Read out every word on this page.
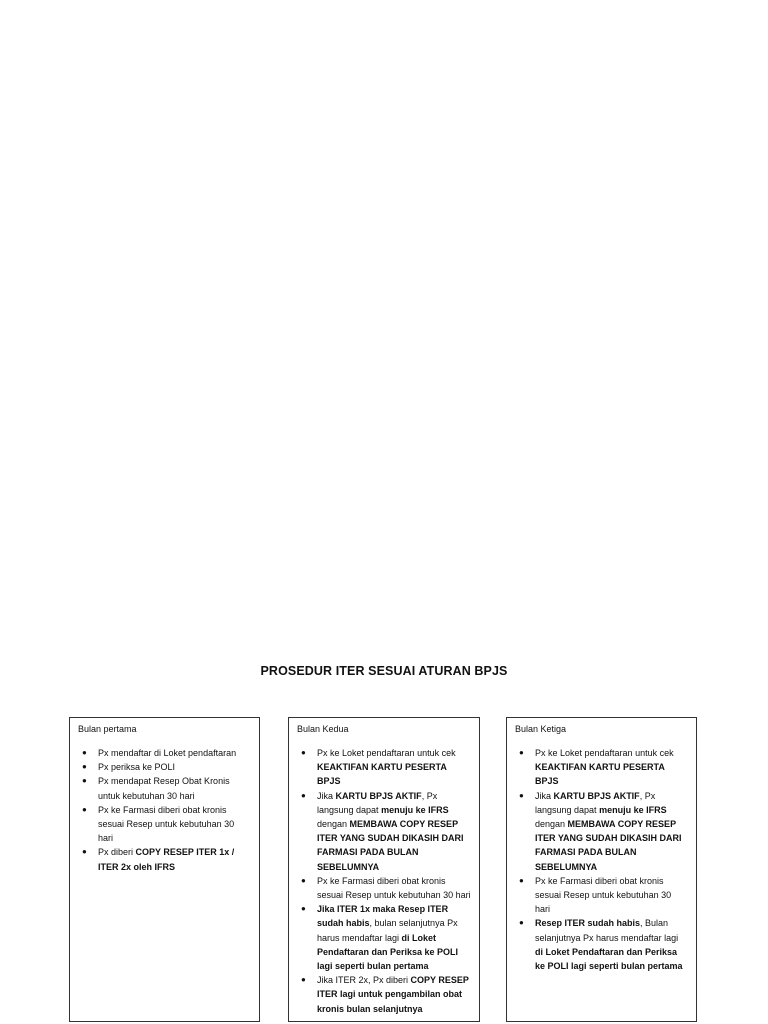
PROSEDUR ITER SESUAI ATURAN BPJS
Bulan pertama
● Px mendaftar di Loket pendaftaran
● Px periksa ke POLI
● Px mendapat Resep Obat Kronis untuk kebutuhan 30 hari
● Px ke Farmasi diberi obat kronis sesuai Resep untuk kebutuhan 30 hari
● Px diberi COPY RESEP ITER 1x / ITER 2x oleh IFRS
Bulan Kedua
● Px ke Loket pendaftaran untuk cek KEAKTIFAN KARTU PESERTA BPJS
● Jika KARTU BPJS AKTIF, Px langsung dapat menuju ke IFRS dengan MEMBAWA COPY RESEP ITER YANG SUDAH DIKASIH DARI FARMASI PADA BULAN SEBELUMNYA
● Px ke Farmasi diberi obat kronis sesuai Resep untuk kebutuhan 30 hari
● Jika ITER 1x maka Resep ITER sudah habis, bulan selanjutnya Px harus mendaftar lagi di Loket Pendaftaran dan Periksa ke POLI lagi seperti bulan pertama
● Jika ITER 2x, Px diberi COPY RESEP ITER lagi untuk pengambilan obat kronis bulan selanjutnya
Bulan Ketiga
● Px ke Loket pendaftaran untuk cek KEAKTIFAN KARTU PESERTA BPJS
● Jika KARTU BPJS AKTIF, Px langsung dapat menuju ke IFRS dengan MEMBAWA COPY RESEP ITER YANG SUDAH DIKASIH DARI FARMASI PADA BULAN SEBELUMNYA
● Px ke Farmasi diberi obat kronis sesuai Resep untuk kebutuhan 30 hari
● Resep ITER sudah habis, Bulan selanjutnya Px harus mendaftar lagi di Loket Pendaftaran dan Periksa ke POLI lagi seperti bulan pertama
